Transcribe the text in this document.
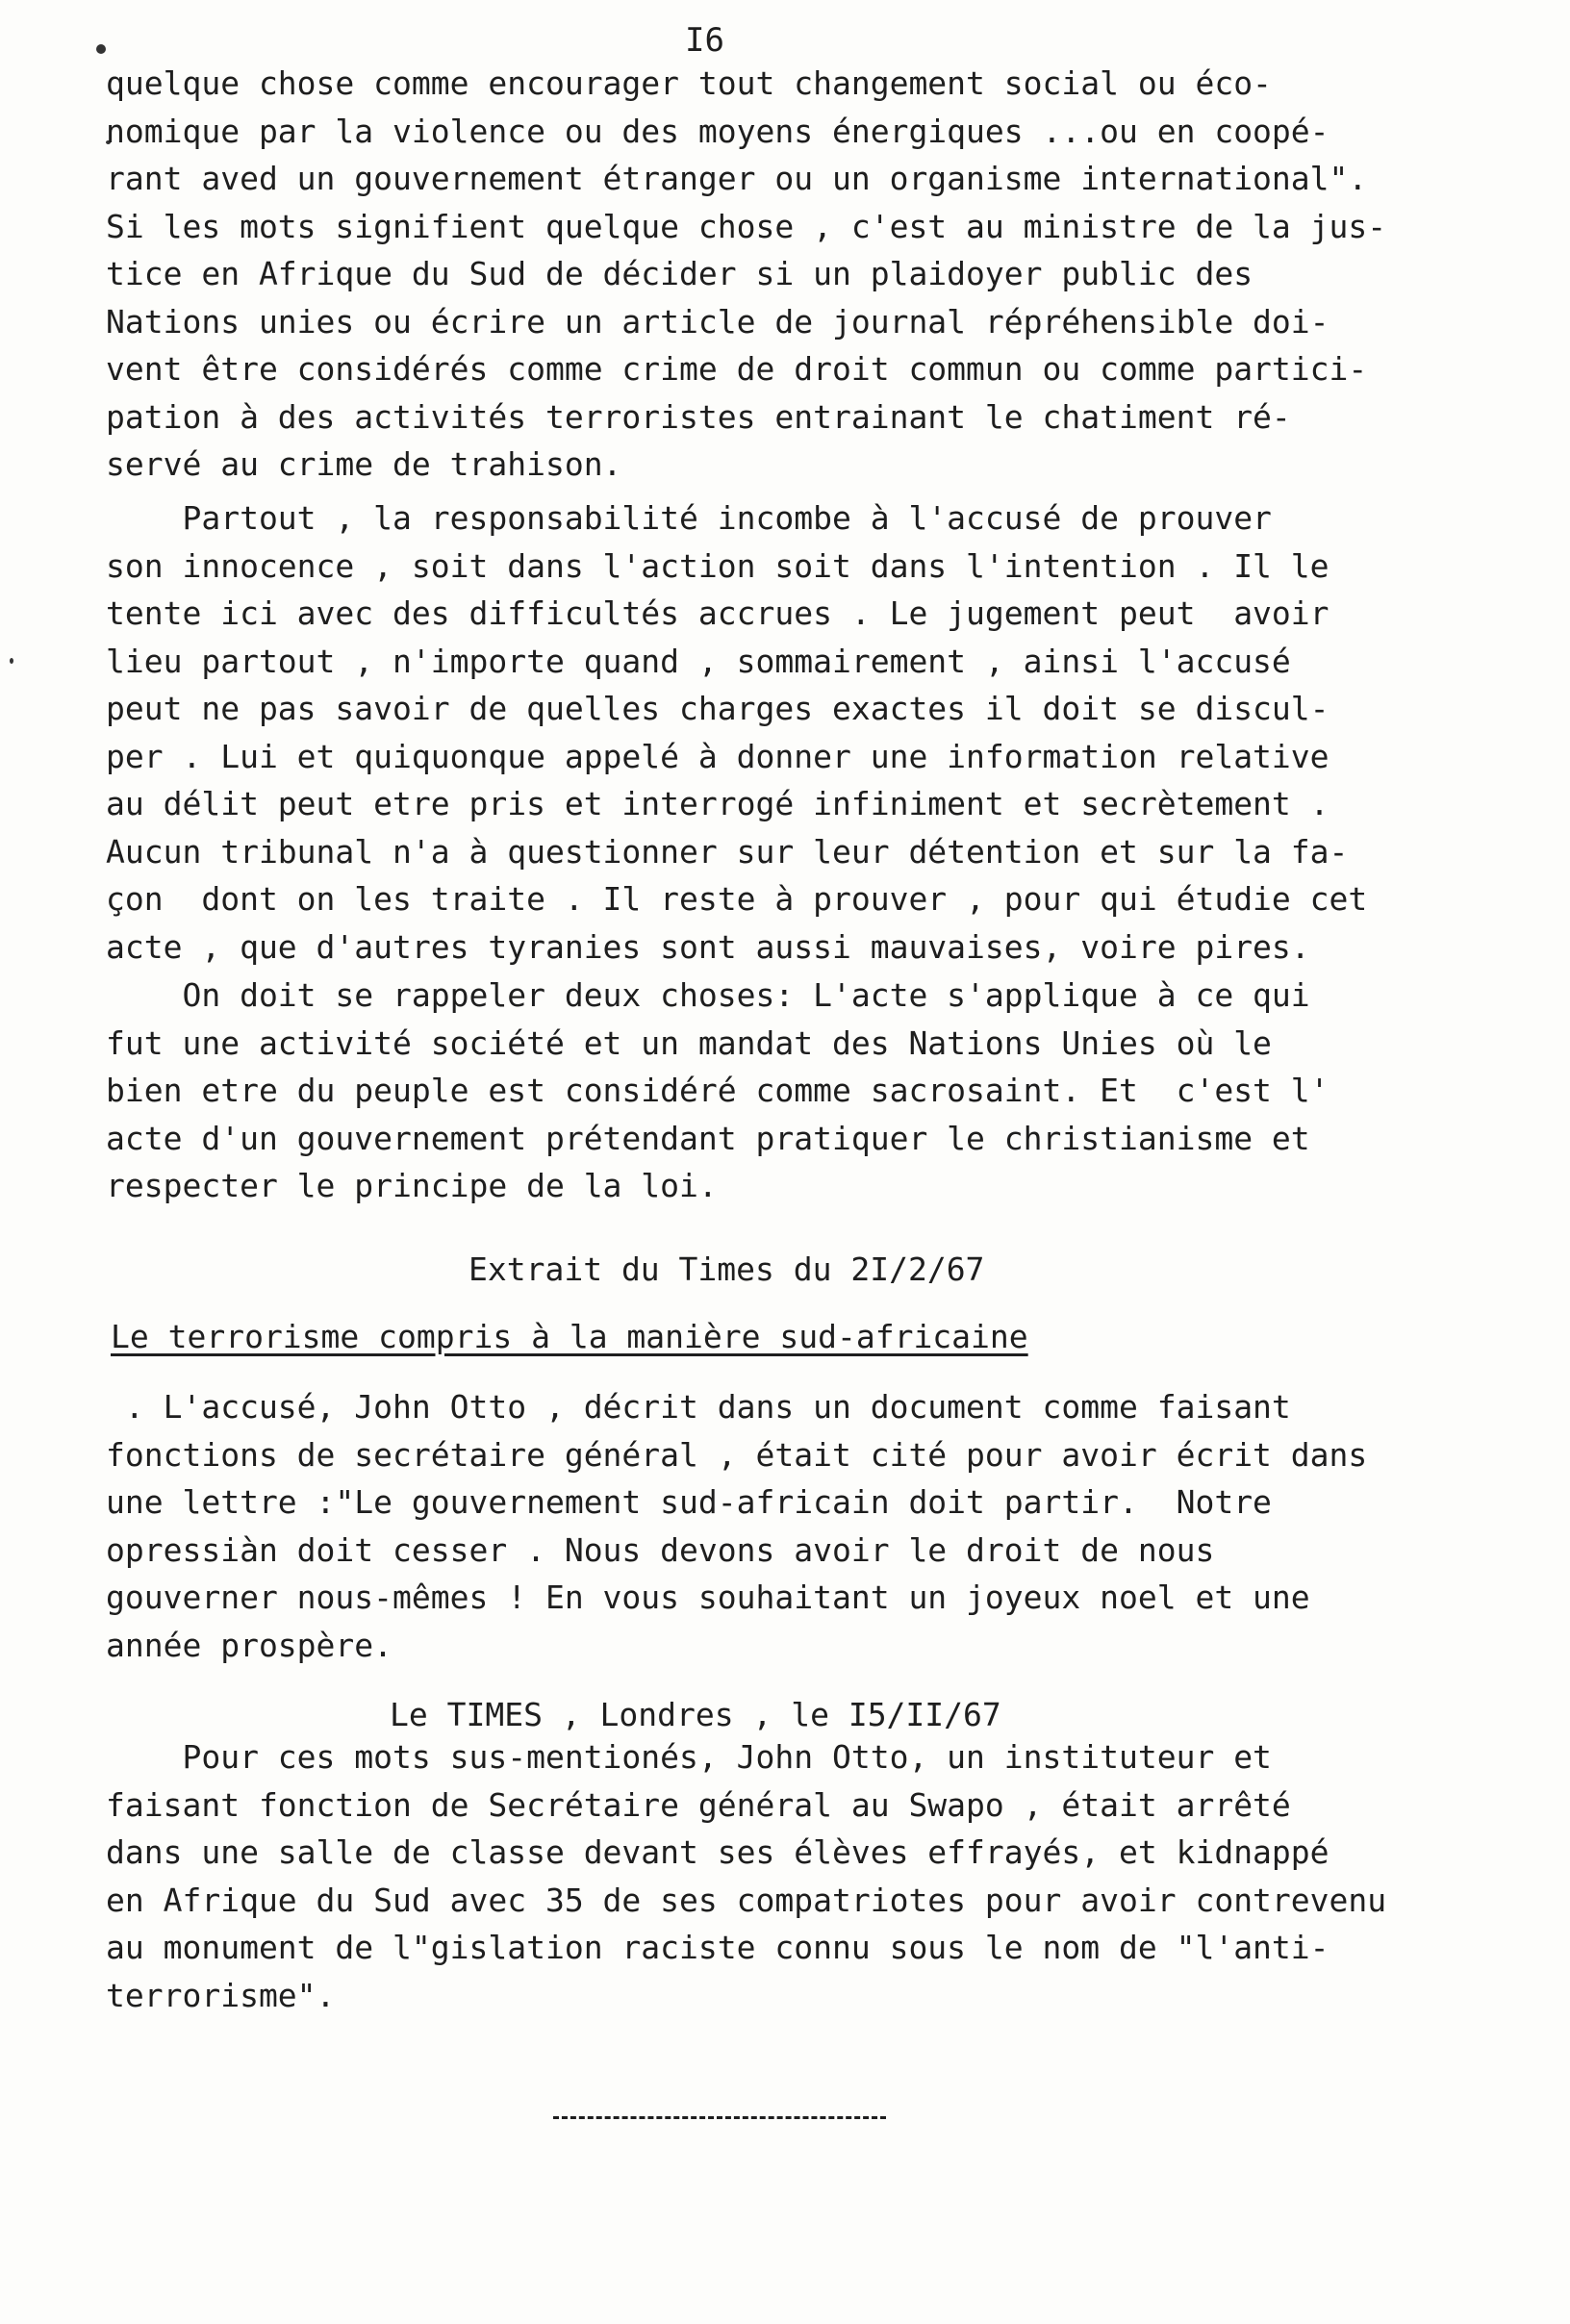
I6
quelque chose comme encourager tout changement social ou éco-
nomique par la violence ou des moyens énergiques ...ou en coopé-
rant aved un gouvernement étranger ou un organisme international".
Si les mots signifient quelque chose , c'est au ministre de la jus-
tice en Afrique du Sud de décider si un plaidoyer public des
Nations unies ou écrire un article de journal répréhensible doi-
vent être considérés comme crime de droit commun ou comme partici-
pation à des activités terroristes entrainant le chatiment ré-
servé au crime de trahison.
Partout , la responsabilité incombe à l'accusé de prouver
son innocence , soit dans l'action soit dans l'intention . Il le
tente ici avec des difficultés accrues . Le jugement peut  avoir
lieu partout , n'importe quand , sommairement , ainsi l'accusé
peut ne pas savoir de quelles charges exactes il doit se discul-
per . Lui et quiquonque appelé à donner une information relative
au délit peut etre pris et interrogé infiniment et secrètement .
Aucun tribunal n'a à questionner sur leur détention et sur la fa-
çon  dont on les traite . Il reste à prouver , pour qui étudie cet
acte , que d'autres tyranies sont aussi mauvaises, voire pires.
On doit se rappeler deux choses: L'acte s'applique à ce qui
fut une activité société et un mandat des Nations Unies où le
bien etre du peuple est considéré comme sacrosaint. Et  c'est l'
acte d'un gouvernement prétendant pratiquer le christianisme et
respecter le principe de la loi.
Extrait du Times du 2I/2/67
Le terrorisme compris à la manière sud-africaine
. L'accusé, John Otto , décrit dans un document comme faisant
fonctions de secrétaire général , était cité pour avoir écrit dans
une lettre :"Le gouvernement sud-africain doit partir.  Notre
opressiàn doit cesser . Nous devons avoir le droit de nous
gouverner nous-mêmes ! En vous souhaitant un joyeux noel et une
année prospère.
Le TIMES , Londres , le I5/II/67
Pour ces mots sus-mentionés, John Otto, un instituteur et
faisant fonction de Secrétaire général au Swapo , était arrêté
dans une salle de classe devant ses élèves effrayés, et kidnappé
en Afrique du Sud avec 35 de ses compatriotes pour avoir contrevenu
au monument de l"gislation raciste connu sous le nom de "l'anti-
terrorisme".
